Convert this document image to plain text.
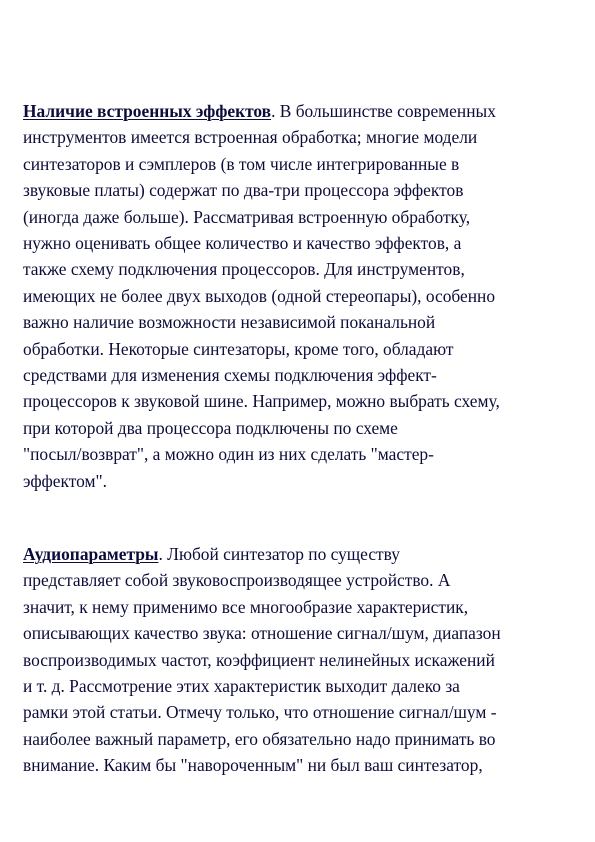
Наличие встроенных эффектов. В большинстве современных
инструментов имеется встроенная обработка; многие модели
синтезаторов и сэмплеров (в том числе интегрированные в
звуковые платы) содержат по два-три процессора эффектов
(иногда даже больше). Рассматривая встроенную обработку,
нужно оценивать общее количество и качество эффектов, а
также схему подключения процессоров. Для инструментов,
имеющих не более двух выходов (одной стереопары), особенно
важно наличие возможности независимой поканальной
обработки. Некоторые синтезаторы, кроме того, обладают
средствами для изменения схемы подключения эффект-
процессоров к звуковой шине. Например, можно выбрать схему,
при которой два процессора подключены по схеме
"посыл/возврат", а можно один из них сделать "мастер-
эффектом".

Аудиопараметры. Любой синтезатор по существу
представляет собой звуковоспроизводящее устройство. А
значит, к нему применимо все многообразие характеристик,
описывающих качество звука: отношение сигнал/шум, диапазон
воспроизводимых частот, коэффициент нелинейных искажений
и т. д. Рассмотрение этих характеристик выходит далеко за
рамки этой статьи. Отмечу только, что отношение сигнал/шум -
наиболее важный параметр, его обязательно надо принимать во
внимание. Каким бы "навороченным" ни был ваш синтезатор,
